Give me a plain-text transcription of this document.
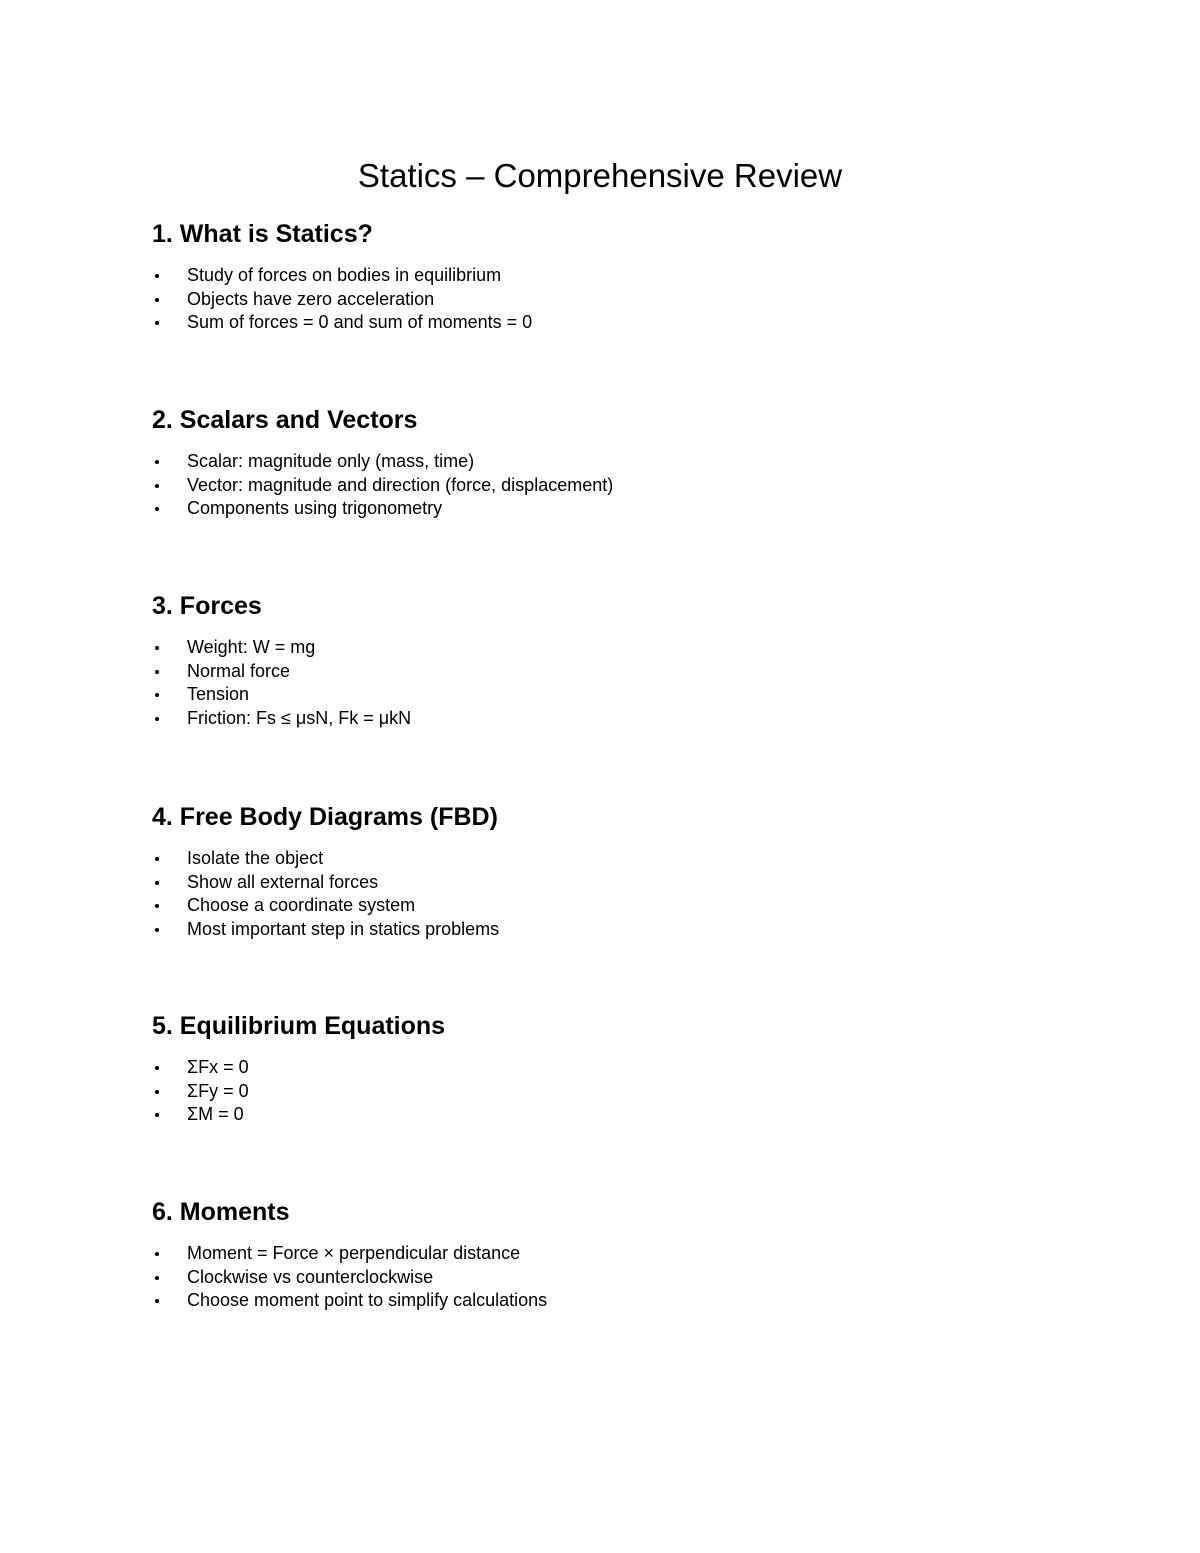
Statics – Comprehensive Review
1. What is Statics?
Study of forces on bodies in equilibrium
Objects have zero acceleration
Sum of forces = 0 and sum of moments = 0
2. Scalars and Vectors
Scalar: magnitude only (mass, time)
Vector: magnitude and direction (force, displacement)
Components using trigonometry
3. Forces
Weight: W = mg
Normal force
Tension
Friction: Fs ≤ μsN, Fk = μkN
4. Free Body Diagrams (FBD)
Isolate the object
Show all external forces
Choose a coordinate system
Most important step in statics problems
5. Equilibrium Equations
ΣFx = 0
ΣFy = 0
ΣM = 0
6. Moments
Moment = Force × perpendicular distance
Clockwise vs counterclockwise
Choose moment point to simplify calculations
